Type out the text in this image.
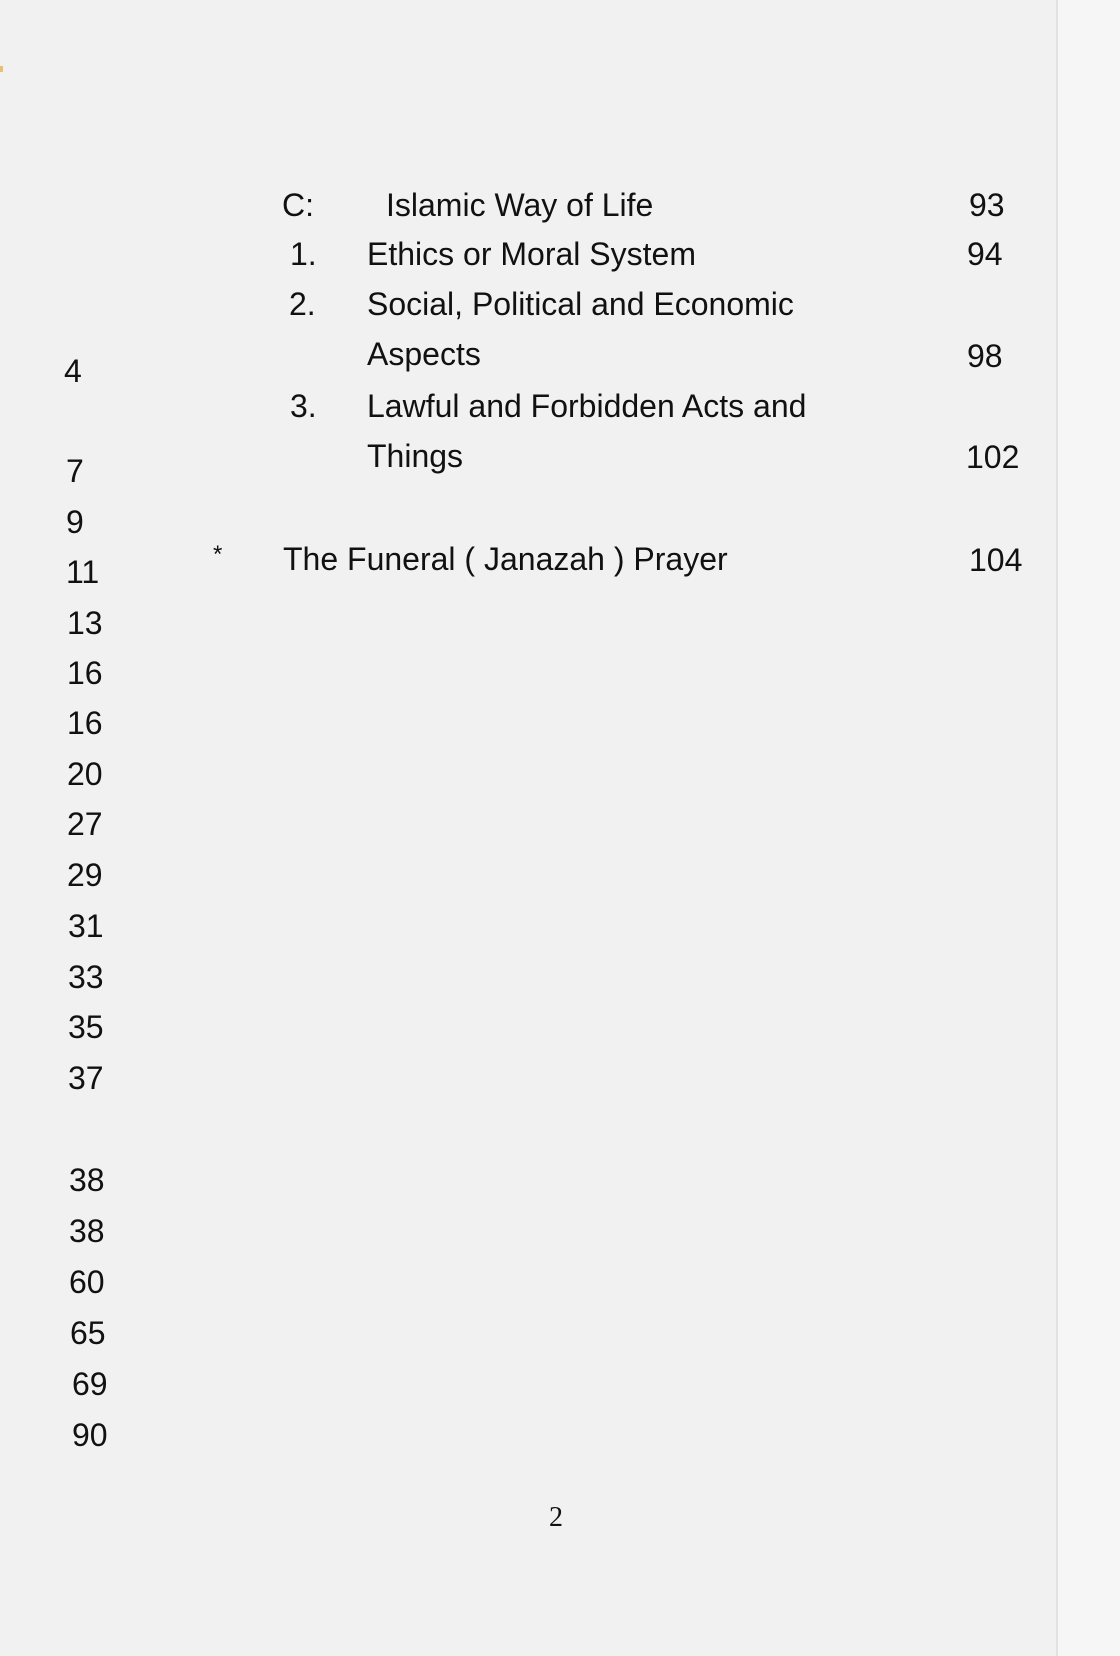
4
7
9
11
13
16
16
20
27
29
31
33
35
37
38
38
60
65
69
90
C: Islamic Way of Life	93
1. Ethics or Moral System	94
2. Social, Political and Economic
Aspects	98
3. Lawful and Forbidden Acts and
Things	102
* The Funeral ( Janazah ) Prayer	104
2
